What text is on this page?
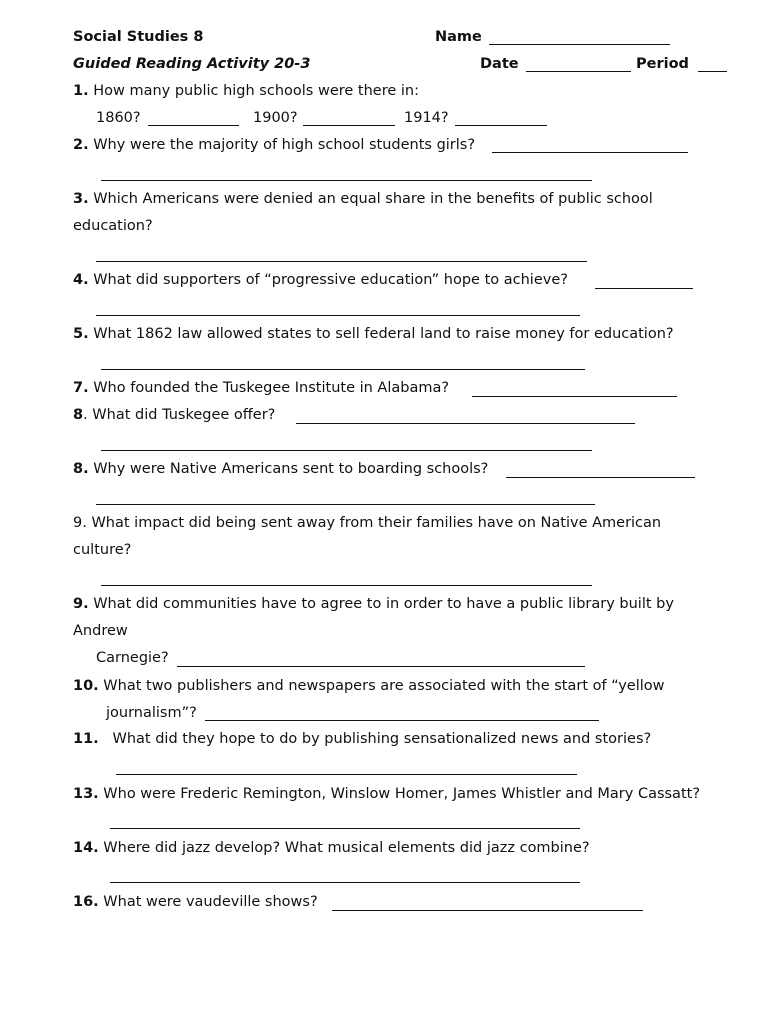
Social Studies 8	Name
Guided Reading Activity 20-3	Date	Period
1. How many public high schools were there in:
1860?	1900?	1914?
2. Why were the majority of high school students girls?
3. Which Americans were denied an equal share in the benefits of public school
education?
4. What did supporters of “progressive education” hope to achieve?
5. What 1862 law allowed states to sell federal land to raise money for education?
7. Who founded the Tuskegee Institute in Alabama?
8. What did Tuskegee offer?
8. Why were Native Americans sent to boarding schools?
9. What impact did being sent away from their families have on Native American
culture?
9. What did communities have to agree to in order to have a public library built by
Andrew
Carnegie?
10. What two publishers and newspapers are associated with the start of “yellow
journalism”?
11. What did they hope to do by publishing sensationalized news and stories?
13. Who were Frederic Remington, Winslow Homer, James Whistler and Mary Cassatt?
14. Where did jazz develop? What musical elements did jazz combine?
16. What were vaudeville shows?
